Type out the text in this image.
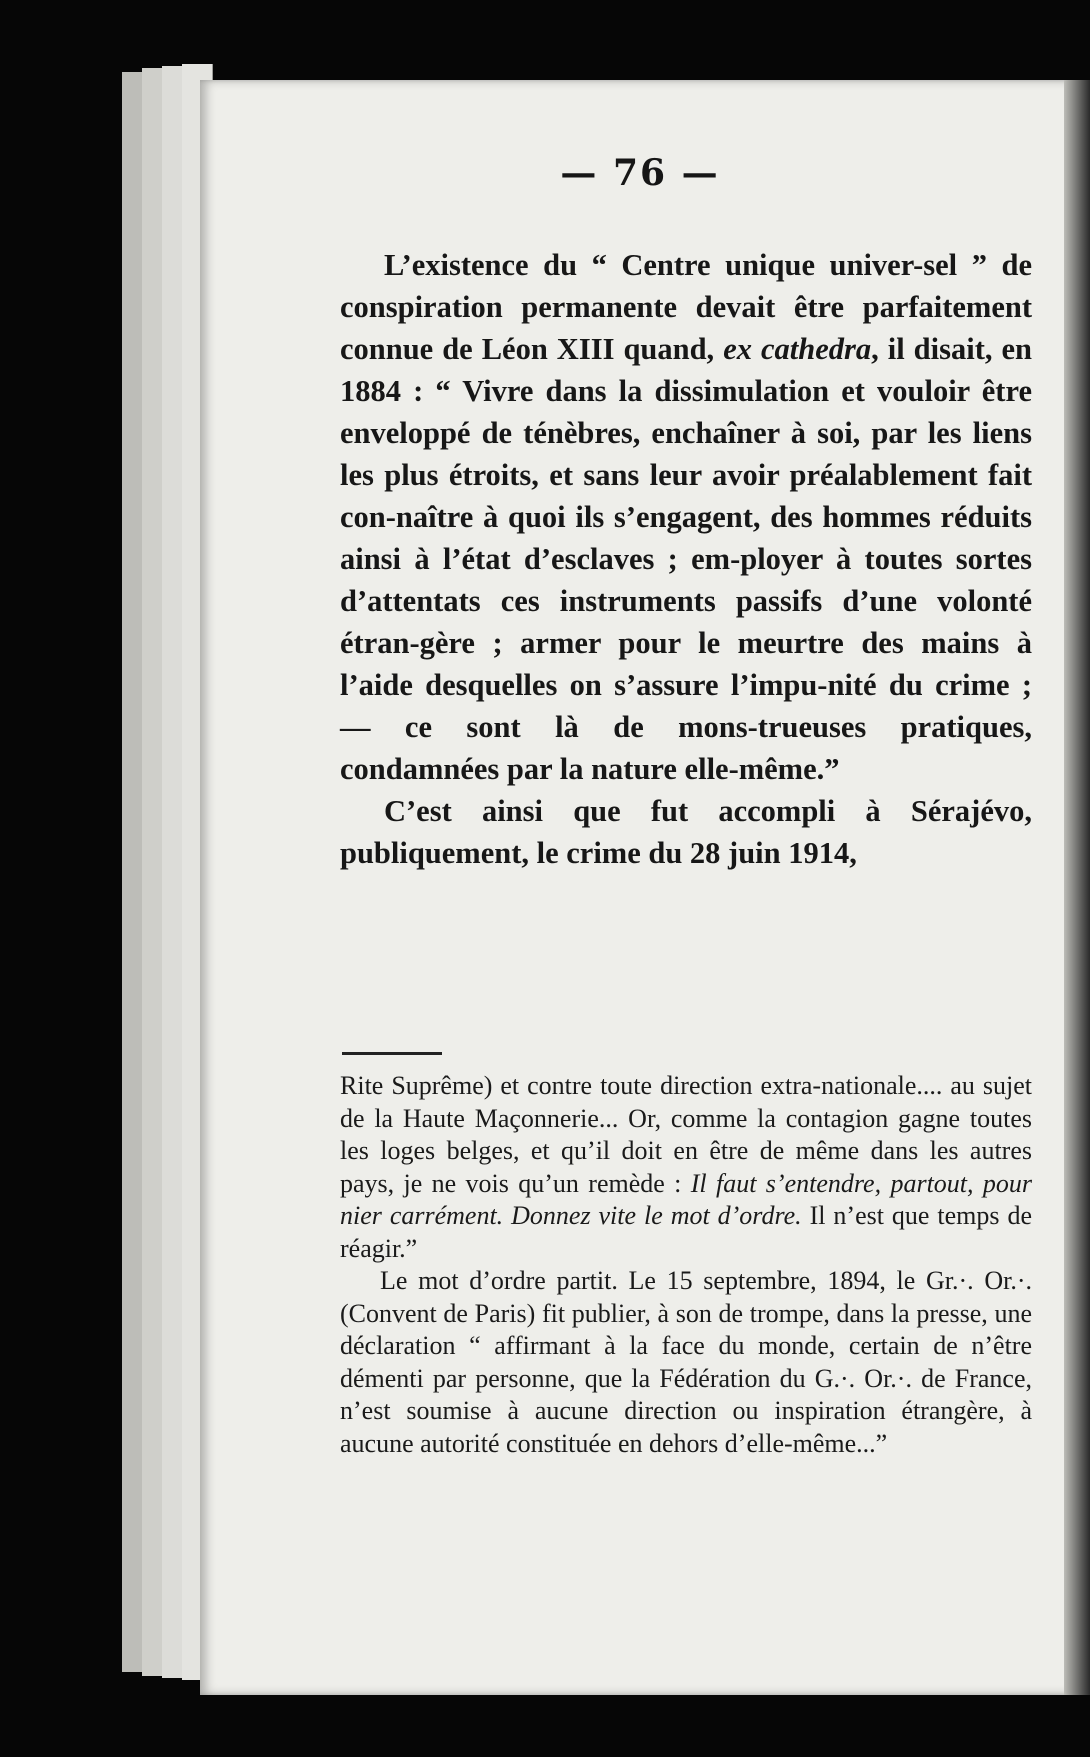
— 76 —

L’existence du “ Centre unique univer-sel ” de conspiration permanente devait être parfaitement connue de Léon XIII quand, ex cathedra, il disait, en 1884 : “ Vivre dans la dissimulation et vouloir être enveloppé de ténèbres, enchaîner à soi, par les liens les plus étroits, et sans leur avoir préalablement fait con-naître à quoi ils s’engagent, des hommes réduits ainsi à l’état d’esclaves ; em-ployer à toutes sortes d’attentats ces instruments passifs d’une volonté étran-gère ; armer pour le meurtre des mains à l’aide desquelles on s’assure l’impu-nité du crime ; — ce sont là de mons-trueuses pratiques, condamnées par la nature elle-même.”

C’est ainsi que fut accompli à Sérajévo, publiquement, le crime du 28 juin 1914,

Rite Suprême) et contre toute direction extra-nationale.... au sujet de la Haute Maçonnerie... Or, comme la contagion gagne toutes les loges belges, et qu’il doit en être de même dans les autres pays, je ne vois qu’un remède : Il faut s’entendre, partout, pour nier carrément. Donnez vite le mot d’ordre. Il n’est que temps de réagir.”

Le mot d’ordre partit. Le 15 septembre, 1894, le Gr.·. Or.·. (Convent de Paris) fit publier, à son de trompe, dans la presse, une déclaration “ affirmant à la face du monde, certain de n’être démenti par personne, que la Fédération du G.·. Or.·. de France, n’est soumise à aucune direction ou inspiration étrangère, à aucune autorité constituée en dehors d’elle-même...”
